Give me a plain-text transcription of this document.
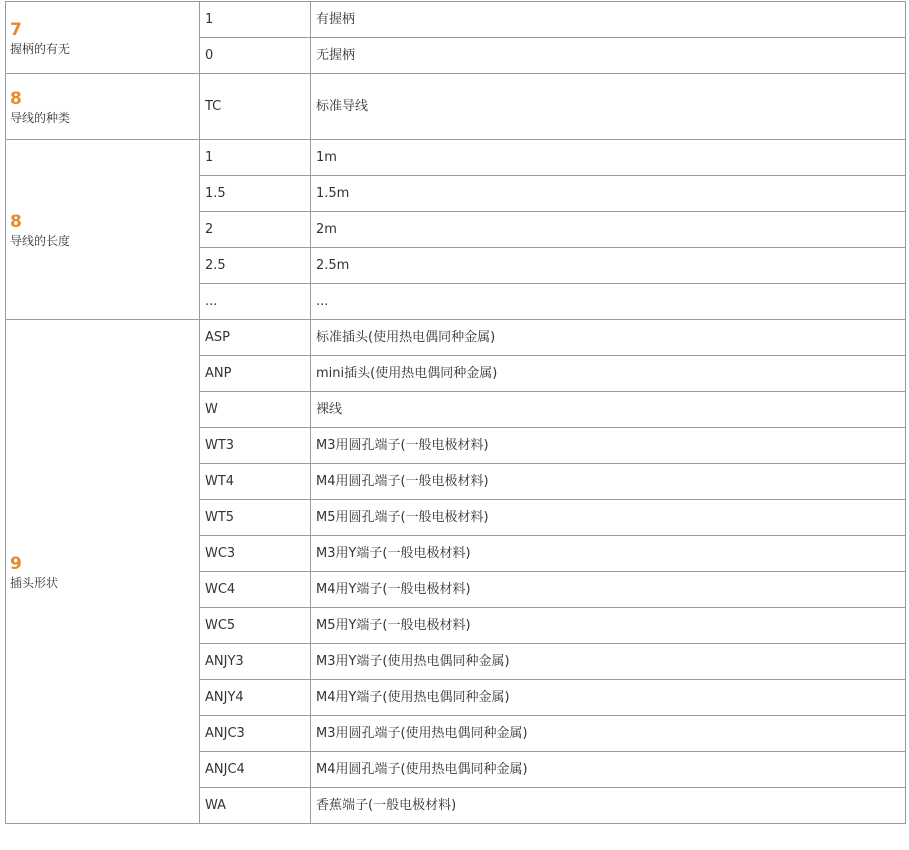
7
握柄的有无	1	有握柄
	0	无握柄

8
导线的种类	TC	标准导线

8
导线的长度	1	1m
	1.5	1.5m
	2	2m
	2.5	2.5m
	...	...

9
插头形状	ASP	标准插头(使用热电偶同种金属)
	ANP	mini插头(使用热电偶同种金属)
	W	裸线
	WT3	M3用圆孔端子(一般电极材料)
	WT4	M4用圆孔端子(一般电极材料)
	WT5	M5用圆孔端子(一般电极材料)
	WC3	M3用Y端子(一般电极材料)
	WC4	M4用Y端子(一般电极材料)
	WC5	M5用Y端子(一般电极材料)
	ANJY3	M3用Y端子(使用热电偶同种金属)
	ANJY4	M4用Y端子(使用热电偶同种金属)
	ANJC3	M3用圆孔端子(使用热电偶同种金属)
	ANJC4	M4用圆孔端子(使用热电偶同种金属)
	WA	香蕉端子(一般电极材料)
